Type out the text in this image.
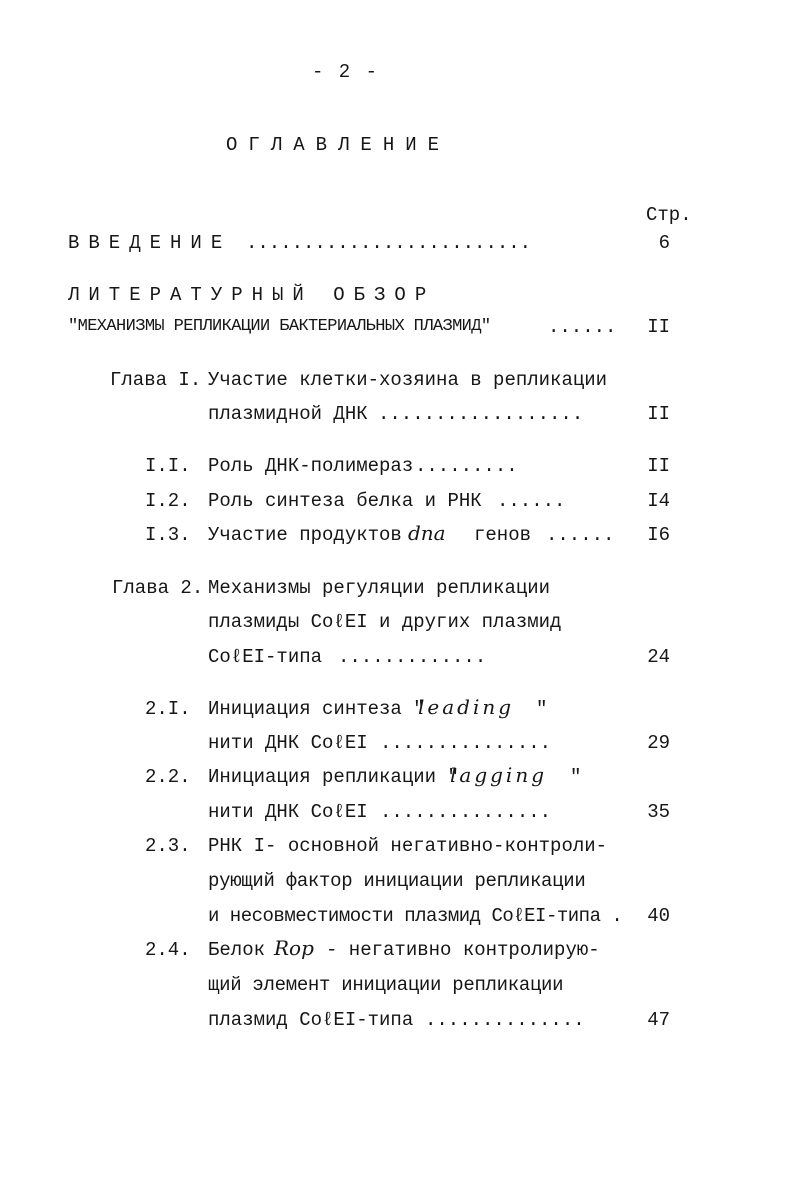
- 2 -
ОГЛАВЛЕНИЕ
Стр.
ВВЕДЕНИЕ .........................	6
ЛИТЕРАТУРНЫЙ ОБЗОР
"МЕХАНИЗМЫ РЕПЛИКАЦИИ БАКТЕРИАЛЬНЫХ ПЛАЗМИД"	......	II
Глава I. Участие клетки-хозяина в репликации
плазмидной ДНК ..................	II
I.I. Роль ДНК-полимераз .........	II
I.2. Роль синтеза белка и РНК ......	I4
I.3. Участие продуктов dna генов ......	I6
Глава 2. Механизмы регуляции репликации
плазмиды CoℓEI и других плазмид
CoℓEI-типа .............	24
2.I. Инициация синтеза "
leading "
нити ДНК CoℓEI ...............	29
2.2. Инициация репликации "
lagging "
нити ДНК CoℓEI ...............	35
2.3. РНК I- основной негативно-контроли-
рующий фактор инициации репликации
и несовместимости плазмид CoℓEI-типа .	40
2.4. Белок Rop - негативно контролирую-
щий элемент инициации репликации
плазмид CoℓEI-типа ..............	47
